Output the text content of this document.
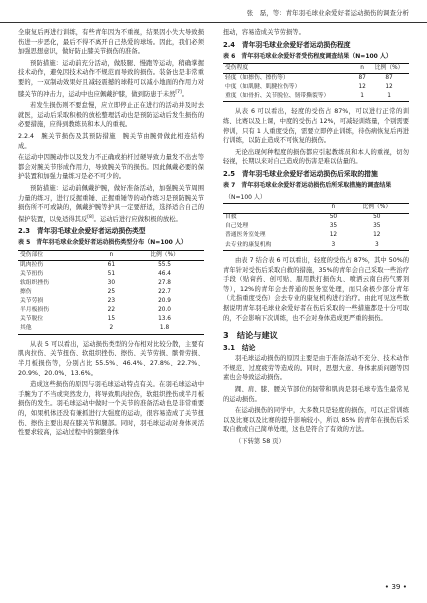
张　磊，等：青年羽毛球业余爱好者运动损伤的调查分析

全康复后再进行训练，有些青年因为不重视，结果因小失大导致损伤进一步恶化，最后不得不离开自己热爱的球场。因此，我们必须加强思想意识，做好防止膝关节损伤的准备。

预防措施：运动前充分活动，做肢腿、慢跑等运动，稍确掌握技术动作，避免因技术动作不规范而导致的损伤。装备也是非常重要的，一双制动效果好且减轻震撼的球鞋可以减小地面的作用力对膝关节的冲击力，运动中也应佩戴护膝，做到防患于未然[7]。

若发生损伤则不要怠慢，应立即停止正在进行的活动并及时去就医，运动后采取积极的放松整理活动也是预防运动后发生损伤的必要措施，应得到教练员和本人的重视。

2.2.4　腕关节损伤及其预防措施　腕关节由腕骨做此相连结构成。

在运动中因腕动作以及发力不正确或拍杆过硬导致力量发不出去等都会对腕关节形成作用力，导致腕关节的损伤。因此佩戴必要的保护装置和加强力量练习是必不可少的。

预防措施：运动前佩戴护腕，做好准备活动，加强腕关节周围力量的练习，进行反握重锤、正握重锤等的动作练习是预防腕关节损伤所不可或缺的，佩戴护腕等护具一定要舒适，选择适合自己的保护装置，以免适得其反[8]。运动后进行应做积极的放松。

2.3　青年羽毛球业余爱好者运动损伤类型
表 5　青年羽毛球业余爱好者运动损伤类型分布（N=100 人）
受伤部位	n	比例（%）
肌肉拉伤	61	55.5
关节扭伤	51	46.4
软组织挫伤	30	27.8
擦伤	25	22.7
关节劳损	23	20.9
半月板损伤	22	20.0
关节脱位	15	13.6
其他	2	1.8

从表 5 可以看出，运动损伤类型的分布相对比较分散，主要有肌肉拉伤、关节扭伤、软组织挫伤、擦伤、关节劳损、髌骨劳损、半月板损伤等，分别占比 55.5%、46.4%、27.8%、22.7%、20.9%、20.0%、13.6%。

造成这些损伤的原因与羽毛球运动特点有关。在羽毛球运动中手腕为了不当或突然发力，将导致肌肉拉伤，软组织挫伤或半月板损伤的发生。羽毛球运动中做时一个关节的准备活动也是非常重要的，如果机体还没有兼抓进行大强度的运动，很容易造成了关节扭伤、擦伤主要出现在膝关节和腿部。同时，羽毛球运动对身体灵活性要求较高，运动过程中的频繁身体

扭动，容易造成关节劳损等。

2.4　青年羽毛球业余爱好者运动损伤程度
表 6　青年羽毛球业余爱好者受伤程度调查结果（N=100 人）
受伤程度	n	比例（%）
轻度（如擦伤、擦伤等）	87	87
中度（如肌腱、肌腱拉伤等）	12	12
重度（如骨折、关节脱位、韧带撕裂等）	1	1

从表 6 可以看出，轻度的受伤占 87%，可以进行正常的训练、比赛以及上课，中度的受伤占 12%，可减轻训练量，个别需要停训，只有 1 人重度受伤，需要立即停止训练，待伤病恢复后再进行训练，以防止造成不可恢复的损伤。

无论出现何种程度的损伤都应引起教练员和本人的重视，切勿轻视，长期以来对自己造成的伤害是难以估量的。

2.5　青年羽毛球业余爱好者运动损伤后采取的措施
表 7　青年羽毛球业余爱好者运动损伤后所采取措施的调查结果
（N=100 人）
	n	比例（%）
自救	50	50
自己处理	35	35
普通医务室处理	12	12
去专业的康复机构	3	3

由表 7 结合表 6 可以看出，轻度的受伤占 87%，其中 50%的青年针对受伤后采取自救的措施，35%的青年会自己采取一些治疗手段（贴膏药、创可贴、服用跌打损伤丸、喷洒云南白药气雾剂等），12%的青年会去普通的医务室处理，而只余极少部分青年（尤指重度受伤）会去专业的康复机构进行治疗。由此可见这些数据说明青年羽毛球业余爱好者在伤后采取的一些措施都是十分可取的，不会影响下次训练，也不会对身体造成更严重的损伤。

3　结论与建议
3.1　结论

羽毛球运动损伤的原因主要是由于准备活动不充分、技术动作不规范、过度疲劳等造成的。同时，思想大意、身体素质问题等因素也会导致运动损伤。

踝、肩、膝、腰关节部位的韧带和肌肉是羽毛球专选生最常见的运动损伤。

在运动损伤的同学中，大多数只是轻度的损伤，可以正常训练以及比赛以及比赛的提升影响较小，所以 85% 的青年在损伤后采取自救或自己简单处理，这也是符合了有效的方法。

（下转第 58 页）

• 39 •
